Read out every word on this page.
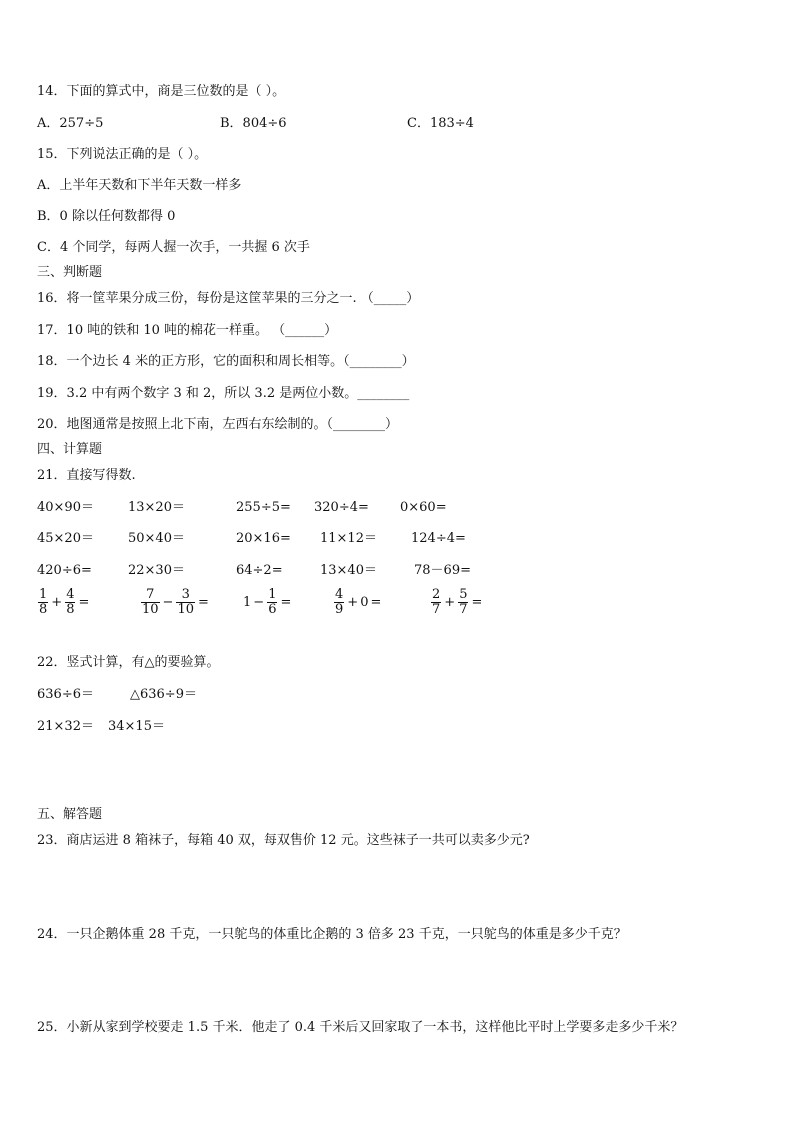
14．下面的算式中，商是三位数的是（ ）。
A．257÷5	B．804÷6	C．183÷4
15．下列说法正确的是（ ）。
A．上半年天数和下半年天数一样多
B．0 除以任何数都得 0
C．4 个同学，每两人握一次手，一共握 6 次手
三、判断题
16．将一筐苹果分成三份，每份是这筐苹果的三分之一. （_____）
17．10 吨的铁和 10 吨的棉花一样重。 （______）
18．一个边长 4 米的正方形，它的面积和周长相等。（________）
19．3.2 中有两个数字 3 和 2，所以 3.2 是两位小数。________
20．地图通常是按照上北下南，左西右东绘制的。（________）
四、计算题
21．直接写得数.
40×90＝	13×20＝	255÷5= 320÷4= 0×60=
45×20＝	50×40＝	20×16= 11×12＝	124÷4=
420÷6=	22×30＝	64÷2=	13×40＝	78－69=
$\frac{1}{8} + \frac{4}{8}$ =	$\frac{7}{10} - \frac{3}{10}$ =	$1 - \frac{1}{6}$ =	$\frac{4}{9} + 0$ =	$\frac{2}{7} + \frac{5}{7}$ =
22．竖式计算，有△的要验算。
636÷6＝	△636÷9＝
21×32＝ 34×15＝
五、解答题
23．商店运进 8 箱袜子，每箱 40 双，每双售价 12 元。这些袜子一共可以卖多少元?
24．一只企鹅体重 28 千克，一只鸵鸟的体重比企鹅的 3 倍多 23 千克，一只鸵鸟的体重是多少千克？
25．小新从家到学校要走 1.5 千米．他走了 0.4 千米后又回家取了一本书，这样他比平时上学要多走多少千米？
